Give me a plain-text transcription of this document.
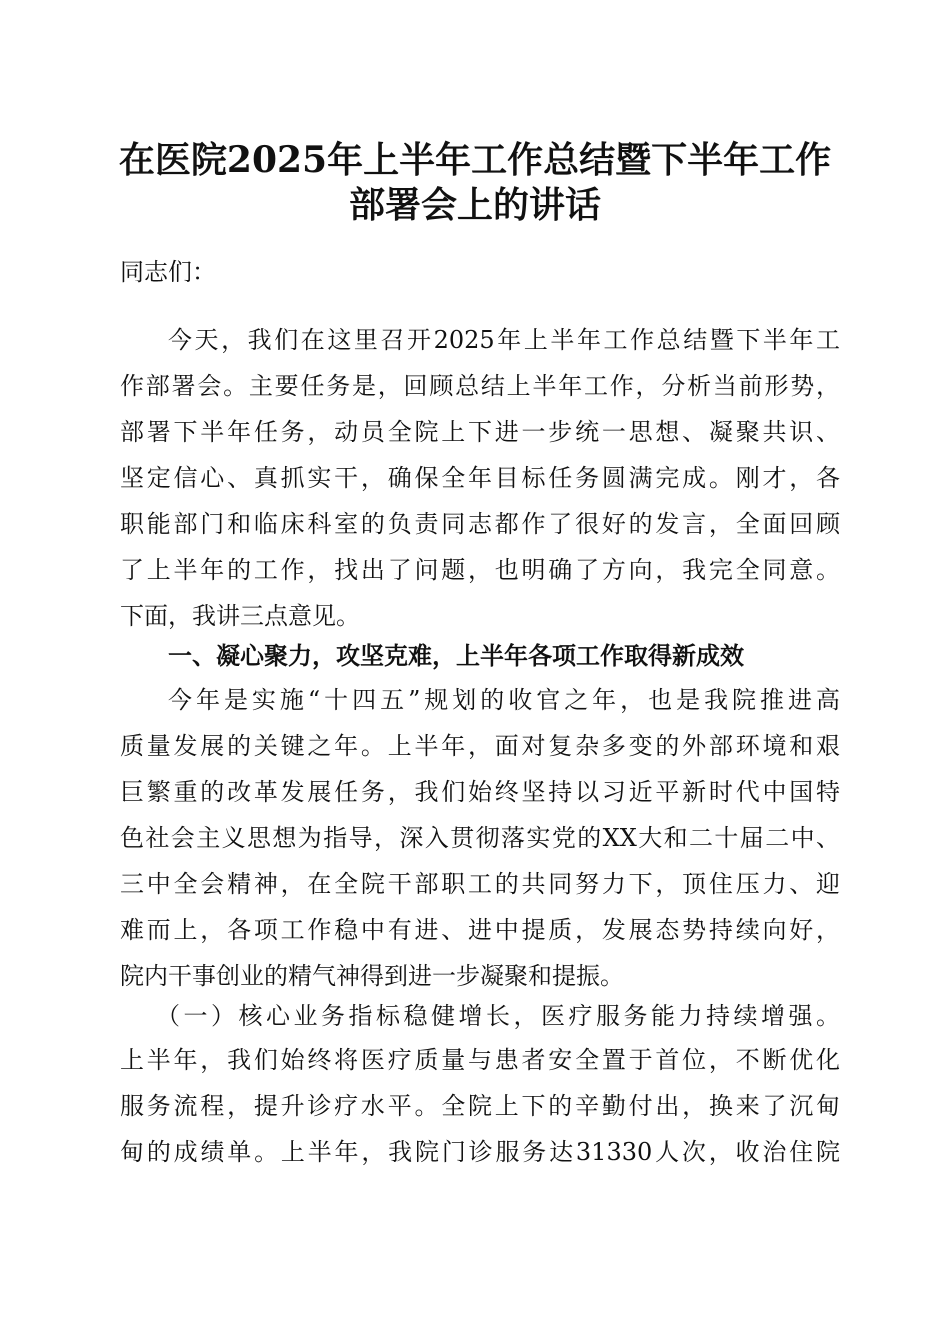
在医院2025年上半年工作总结暨下半年工作
部署会上的讲话
同志们：
今天，我们在这里召开2025年上半年工作总结暨下半年工
作部署会。主要任务是，回顾总结上半年工作，分析当前形势，
部署下半年任务，动员全院上下进一步统一思想、凝聚共识、
坚定信心、真抓实干，确保全年目标任务圆满完成。刚才，各
职能部门和临床科室的负责同志都作了很好的发言，全面回顾
了上半年的工作，找出了问题，也明确了方向，我完全同意。
下面，我讲三点意见。
一、凝心聚力，攻坚克难，上半年各项工作取得新成效
今年是实施“十四五”规划的收官之年，也是我院推进高
质量发展的关键之年。上半年，面对复杂多变的外部环境和艰
巨繁重的改革发展任务，我们始终坚持以习近平新时代中国特
色社会主义思想为指导，深入贯彻落实党的XX大和二十届二中、
三中全会精神，在全院干部职工的共同努力下，顶住压力、迎
难而上，各项工作稳中有进、进中提质，发展态势持续向好，
院内干事创业的精气神得到进一步凝聚和提振。
（一）核心业务指标稳健增长，医疗服务能力持续增强。
上半年，我们始终将医疗质量与患者安全置于首位，不断优化
服务流程，提升诊疗水平。全院上下的辛勤付出，换来了沉甸
甸的成绩单。上半年，我院门诊服务达31330人次，收治住院
